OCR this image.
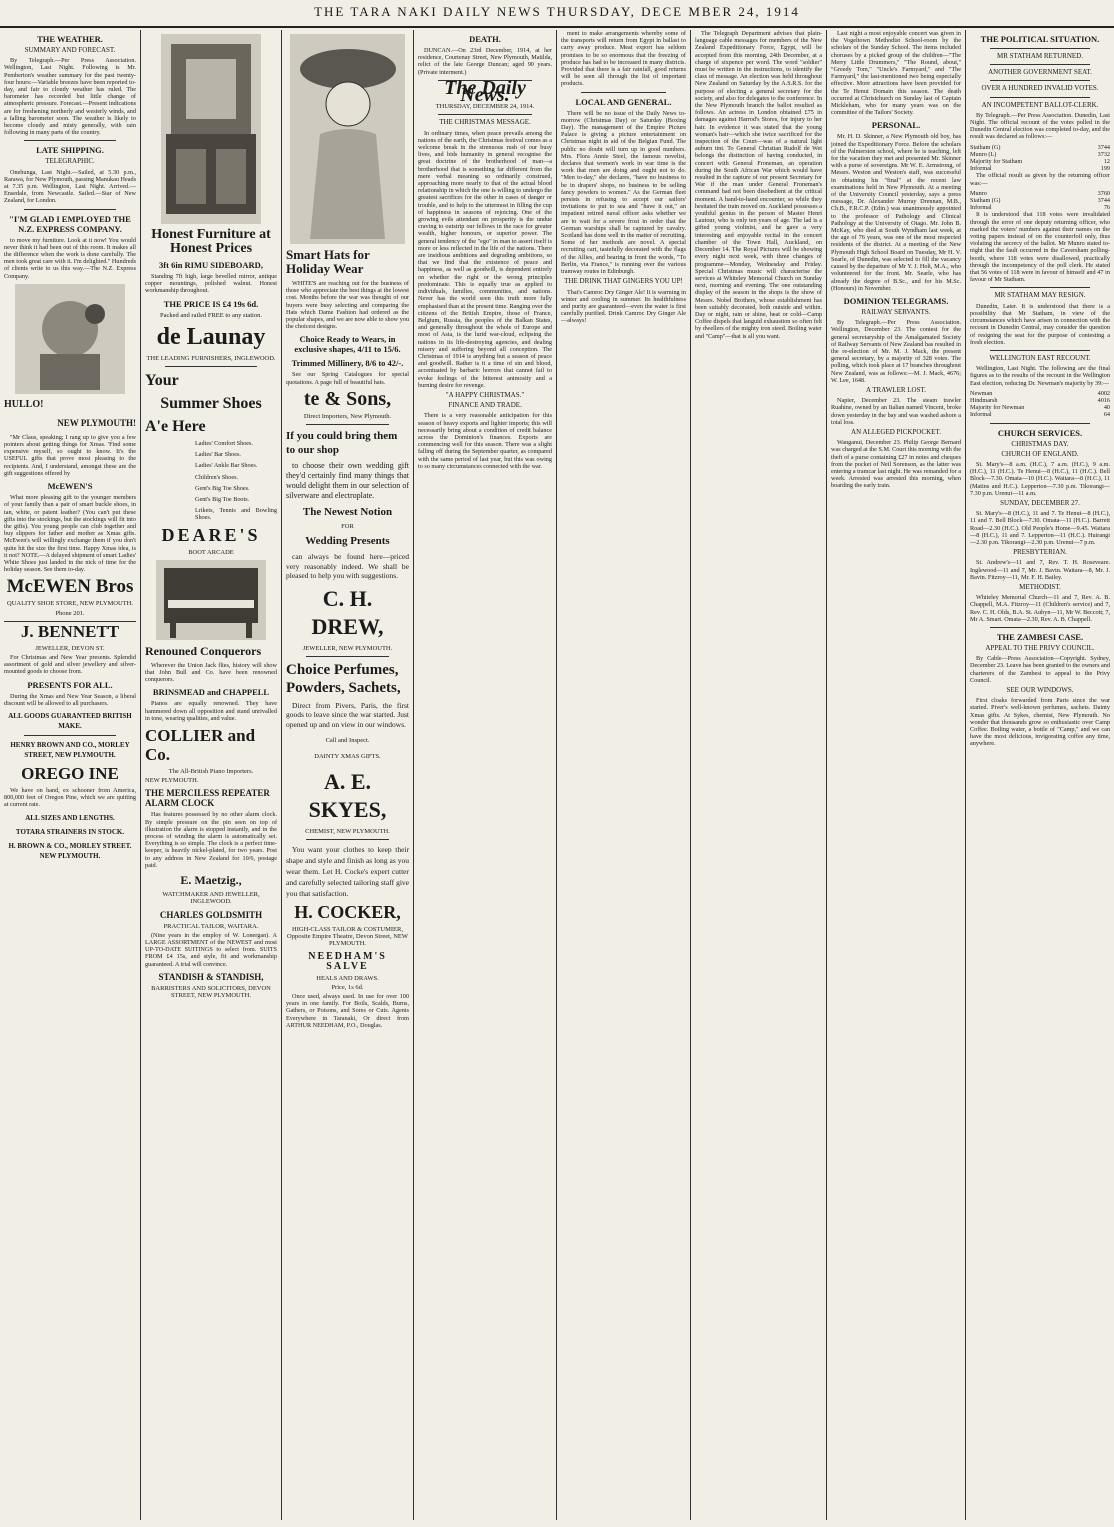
THE TARA NAKI DAILY NEWS THURSDAY, DECE MBER 24, 1914
THE WEATHER.
SUMMARY AND FORECAST.

By Telegraph.—Per Press Association. Wellington, Last Night. Following is Mr. Pemberton's weather summary for the past twenty-four hours:—Variable breezes have been reported to-day, and fair to cloudy weather has ruled. The barometer has recorded but little change of atmospheric pressure. Forecast.—Present indications are for freshening northerly and westerly winds, and a falling barometer soon. The weather is likely to become cloudy and misty generally, with rain following in many parts of the country.

LATE SHIPPING.
TELEGRAPHIC.

Onehunga, Last Night.—Sailed, at 5.30 p.m., Rarawa, for New Plymouth, passing Manukau Heads at 7.35 p.m. Wellington, Last Night. Arrived.—Ensedale, from Newcastle. Sailed.—Star of New Zealand, for London.

"I'M GLAD I EMPLOYED THE N.Z. EXPRESS COMPANY.

to move my furniture. Look at it now! You would never think it had been out of this room. It makes all the difference when the work is done carefully. The men took great care with it. I'm delighted." Hundreds of clients write to us this way.—The N.Z. Express Company.

HULLO!
NEW PLYMOUTH!

"Mr Claus, speaking; I rang up to give you a few pointers about getting things for Xmas. 'Find some expensive myself, so ought to know. It's the USEFUL gifts that prove most pleasing to the recipients. And, I understand, amongst these are the gift suggestions offered by

McEWEN'S

What more pleasing gift to the younger members of your family than a pair of smart buckle shoes, in tan, white, or patent leather? (You can't put these gifts into the stockings, but the stockings will fit into the gifts). You young people can club together and buy slippers for father and mother as Xmas gifts. McEwen's will willingly exchange them if you don't quite hit the size the first time. Happy Xmas idea, is it not? NOTE.—A delayed shipment of smart Ladies' White Shoes just landed in the nick of time for the holiday season. See them to-day.

McEWEN Bros
QUALITY SHOE STORE, NEW PLYMOUTH.
Phone 201.
J. BENNETT
JEWELLER, DEVON ST.

For Christmas and New Year presents. Splendid assortment of gold and silver jewellery and silver-mounted goods to choose from.

PRESENTS FOR ALL.

During the Xmas and New Year Season, a liberal discount will be allowed to all purchasers.

ALL GOODS GUARANTEED BRITISH MAKE.
HENRY BROWN AND CO., MORLEY STREET, NEW PLYMOUTH.
OREGO INE

We have on hand, ex schooner from America, 800,000 feet of Oregon Pine, which we are quitting at current rate.

ALL SIZES AND LENGTHS.
TOTARA STRAINERS IN STOCK.
H. BROWN & CO., MORLEY STREET. NEW PLYMOUTH.
Honest Furniture at Honest Prices
3ft 6in RIMU SIDEBOARD,

Standing 7ft high, large bevelled mirror, antique copper mountings, polished walnut. Honest workmanship throughout.

THE PRICE IS £4 19s 6d.
Packed and railed FREE to any station.
de Launay
THE LEADING FURNISHERS, INGLEWOOD.
Your
Summer Shoes
A'e Here
Ladies' Comfort Shoes.
Ladies' Bar Shoes.
Ladies' Ankle Bar Shoes.
Children's Shoes.
Gent's Big Toe Shoes.
Gent's Big Toe Boots.
Lrikets, Tennis and Bowling Shoes.
DEARE'S
BOOT ARCADE
Renouned Conquerors

Wherever the Union Jack flies, history will show that John Bull and Co. have been renowned conquerors.

BRINSMEAD and CHAPPELL

Pianos are equally renowned. They have hammered down all opposition and stand unrivalled in tone, wearing qualities, and value.

COLLIER and Co.
The All-British Piano Importers.
NEW PLYMOUTH.
THE MERCILESS REPEATER ALARM CLOCK

Has features possessed by no other alarm clock. By simple pressure on the pin seen on top of illustration the alarm is stopped instantly, and in the process of winding the alarm is automatically set. Everything is so simple. The clock is a perfect time-keeper, is heavily nickel-plated, for two years. Post to any address in New Zealand for 10/6, postage paid.

E. Maetzig.,
WATCHMAKER AND JEWELLER, INGLEWOOD.
CHARLES GOLDSMITH
PRACTICAL TAILOR, WAITARA.

(Nine years in the employ of W. Lonergan). A LARGE ASSORTMENT of the NEWEST and most UP-TO-DATE SUITINGS to select from. SUITS FROM £4 15s, and style, fit and workmanship guaranteed. A trial will convince.

STANDISH & STANDISH,
BARRISTERS AND SOLICITORS, DEVON STREET, NEW PLYMOUTH.
Smart Hats for Holiday Wear

WHITE'S are reaching out for the business of those who appreciate the best things at the lowest cost. Months before the war was thought of our buyers were busy selecting and comparing the Hats which Dame Fashion had ordered as the popular shapes, and we are now able to show you the choicest designs.

Choice Ready to Wears, in exclusive shapes, 4/11 to 15/6.
Trimmed Millinery, 8/6 to 42/-.

See our Spring Catalogues for special quotations. A page full of beautiful hats.

te & Sons,
Direct Importers, New Plymouth.
If you could bring them to our shop

to choose their own wedding gift they'd certainly find many things that would delight them in our selection of silverware and electroplate.

The Newest Notion
FOR
Wedding Presents

can always be found here—priced very reasonably indeed. We shall be pleased to help you with suggestions.

C. H. DREW,
JEWELLER, NEW PLYMOUTH.
Choice Perfumes, Powders, Sachets,

Direct from Pivers, Paris, the first goods to leave since the war started. Just opened up and on view in our windows.

Call and Inspect.
DAINTY XMAS GIFTS.
A. E. SKYES,
CHEMIST, NEW PLYMOUTH.

You want your clothes to keep their shape and style and finish as long as you wear them. Let H. Cocke's expert cutter and carefully selected tailoring staff give you that satisfaction.

H. COCKER,
HIGH-CLASS TAILOR & COSTUMIER, Opposite Empire Theatre, Devon Street, NEW PLYMOUTH.
NEEDHAM'S SALVE
HEALS AND DRAWS.
Price, 1s 6d.

Once used, always used. In use for over 100 years in one family. For Boils, Scalds, Burns, Gathers, or Poisons, and Sores or Cuts. Agents Everywhere in Taranaki, Or direct from ARTHUR NEEDHAM, P.O., Douglas.

DEATH.

DUNCAN.—On 23rd December, 1914, at her residence, Courtenay Street, New Plymouth, Matilda, relict of the late George Duncan; aged 90 years. (Private interment.)

The Daily News.
THURSDAY, DECEMBER 24, 1914.
THE CHRISTMAS MESSAGE.

In ordinary times, when peace prevails among the nations of the earth, the Christmas festival comes as a welcome break in the strenuous rush of our busy lives, and bids humanity in general recognise the great doctrine of the brotherhood of man—a brotherhood that is something far different from the mere verbal meaning so ordinarily construed, approaching more nearly to that of the actual blood relationship in which the one is willing to undergo the greatest sacrifices for the other in cases of danger or trouble, and to help to the uttermost in filling the cup of happiness in seasons of rejoicing. One of the growing evils attendant on prosperity is the undue craving to outstrip our fellows in the race for greater wealth, higher honours, or superior power. The general tendency of the "ego" in man to assert itself is more or less reflected in the life of the nations. There are insidious ambitions and degrading ambitions, so that we find that the existence of peace and happiness, as well as goodwill, is dependent entirely on whether the right or the wrong principles predominate. This is equally true as applied to individuals, families, communities, and nations. Never has the world seen this truth more fully emphasised than at the present time. Ranging over the citizens of the British Empire, those of France, Belgium, Russia, the peoples of the Balkan States, and generally throughout the whole of Europe and most of Asia, is the lurid war-cloud, eclipsing the nations in its life-destroying agencies, and dealing misery and suffering beyond all conception. The Christmas of 1914 is anything but a season of peace and goodwill. Rather is it a time of sin and blood, accentuated by barbaric horrors that cannot fail to evoke feelings of the bitterest animosity and a burning desire for revenge.

"A HAPPY CHRISTMAS."
FINANCE AND TRADE.

There is a very reasonable anticipation for this season of heavy exports and lighter imports; this will necessarily bring about a condition of credit balance across the Dominion's finances. Exports are commencing well for this season. There was a slight falling off during the September quarter, as compared with the same period of last year, but this was owing to so many circumstances connected with the war.

ment to make arrangements whereby some of the transports will return from Egypt in ballast to carry away produce. Meat export has seldom promises to be so enormous that the freezing of produce has had to be increased in many districts. Provided that there is a fair rainfall, good returns will be seen all through the list of important products.

LOCAL AND GENERAL.

There will be no issue of the Daily News to-morrow (Christmas Day) or Saturday (Boxing Day). The management of the Empire Picture Palace is giving a picture entertainment on Christmas night in aid of the Belgian Fund. The public no doubt will turn up in good numbers. Mrs. Flora Annie Steel, the famous novelist, declares that women's work in war time is the work that men are doing and ought not to do. "Men to-day," she declares, "have no business to be in drapers' shops, no business to be selling fancy powders to women." As the German fleet persists in refusing to accept our sailors' invitations to put to sea and "have it out," an impatient retired naval officer asks whether we are to wait for a severe frost in order that the German warships shall be captured by cavalry. Scotland has done well in the matter of recruiting. Some of her methods are novel. A special recruiting cart, tastefully decorated with the flags of the Allies, and bearing in front the words, "To Berlin, via France," is running over the various tramway routes in Edinburgh.

THE DRINK THAT GINGERS YOU UP!

That's Camroc Dry Ginger Ale! It is warming in winter and cooling in summer. Its healthfulness and purity are guaranteed—even the water is first carefully purified. Drink Camroc Dry Ginger Ale—always!

The Telegraph Department advises that plain-language cable messages for members of the New Zealand Expeditionary Force, Egypt, will be accepted from this morning, 24th December, at a charge of sixpence per word. The word "soldier" must be written in the instructions, to identify the class of message. An election was held throughout New Zealand on Saturday by the A.S.R.S. for the purpose of electing a general secretary for the society, and also for delegates to the conference. In the New Plymouth branch the ballot resulted as follows. An actress in London obtained £75 in damages against Harrod's Stores, for injury to her hair. In evidence it was stated that the young woman's hair—which she twice sacrificed for the inspection of the Court—was of a natural light auburn tint. To General Christian Rudolf de Wet belongs the distinction of having conducted, in concert with General Froneman, an operation during the South African War which would have resulted in the capture of our present Secretary for War if the man under General Froneman's command had not been disobedient at the critical moment. A hand-to-hand encounter, so while they hesitated the train moved on. Auckland possesses a youthful genius in the person of Master Henri Lautour, who is only ten years of age. The lad is a gifted young violinist, and he gave a very interesting and enjoyable recital in the concert chamber of the Town Hall, Auckland, on December 14. The Royal Pictures will be showing every night next week, with three changes of programme—Monday, Wednesday and Friday. Special Christmas music will characterise the services at Whiteley Memorial Church on Sunday next, morning and evening. The one outstanding display of the season in the shops is the show of Messrs. Nobel Brothers, whose establishment has been suitably decorated, both outside and within. Day or night, rain or shine, heat or cold—Camp Coffee dispels that languid exhaustion so often felt by dwellers of the mighty iron steed. Boiling water and "Camp"—that is all you want.

Last night a most enjoyable concert was given in the Vogeltown Methodist School-room by the scholars of the Sunday School. The items included choruses by a picked group of the children—"The Merry Little Drummers," "The Round, about," "Greedy Tom," "Uncle's Farmyard," and "The Farmyard," the last-mentioned two being especially effective. More attractions have been provided for the Te Henui Domain this season. The death occurred at Christchurch on Sunday last of Captain Mickleham, who for many years was on the committee of the Tailors' Society.

PERSONAL.

Mr. H. D. Skinner, a New Plymouth old boy, has joined the Expeditionary Force. Before the scholars of the Palmerston school, where he is teaching, left for the vacation they met and presented Mr. Skinner with a purse of sovereigns. Mr W. E. Armstrong, of Messrs. Weston and Weston's staff, was successful in obtaining his "final" at the recent law examinations held in New Plymouth. At a meeting of the University Council yesterday, says a press message, Dr. Alexander Murray Drennan, M.B., Ch.B., F.R.C.P. (Edin.) was unanimously appointed to the professor of Pathology and Clinical Pathology at the University of Otago. Mr. John B. McKay, who died at South Wyndham last week, at the age of 76 years, was one of the most respected residents of the district. At a meeting of the New Plymouth High School Board on Tuesday, Mr H. V. Searle, of Dunedin, was selected to fill the vacancy caused by the departure of Mr Y. J. Holt, M.A., who volunteered for the front. Mr. Searle, who has already the degree of B.Sc., and for his M.Sc. (Honours) in November.

DOMINION TELEGRAMS.
RAILWAY SERVANTS.

By Telegraph.—Per Press Association. Wellington, December 23. The contest for the general secretaryship of the Amalgamated Society of Railway Servants of New Zealand has resulted in the re-election of Mr. M. J. Mack, the present general secretary, by a majority of 328 votes. The polling, which took place at 17 branches throughout New Zealand, was as follows:—M. J. Mack, 4676; W. Lee, 1648.

A TRAWLER LOST.

Napier, December 23. The steam trawler Ruahine, owned by an Italian named Vincent, broke down yesterday in the bay and was washed ashore a total loss.

AN ALLEGED PICKPOCKET.

Wanganui, December 23. Philip George Bernard was charged at the S.M. Court this morning with the theft of a purse containing £27 in notes and cheques from the pocket of Neil Sorenson, as the latter was entering a tramcar last night. He was remanded for a week. Arrested was arrested this morning, when boarding the early train.

THE POLITICAL SITUATION.
MR STATHAM RETURNED.
ANOTHER GOVERNMENT SEAT.
OVER A HUNDRED INVALID VOTES.
AN INCOMPETENT BALLOT-CLERK.

By Telegraph.—Per Press Association. Dunedin, Last Night. The official recount of the votes polled in the Dunedin Central election was completed to-day, and the result was declared as follows:—

Statham (G)	3744
Munro (L)	3732
Majority for Statham	12
Informal	199

The official result as given by the returning officer was:—

Munro	3760
Statham (G)	3744
Informal	76

It is understood that 118 votes were invalidated through the error of one deputy returning officer, who marked the voters' numbers against their names on the voting papers instead of on the counterfoil only, thus violating the secrecy of the ballot. Mr Munro stated to-night that the fault occurred in the Caversham polling-booth, where 118 votes were disallowed, practically through the incompetency of the poll clerk. He stated that 56 votes of 118 were in favour of himself and 47 in favour of Mr Statham.

MR STATHAM MAY RESIGN.

Dunedin, Later. It is understood that there is a possibility that Mr Statham, in view of the circumstances which have arisen in connection with the recount in Dunedin Central, may consider the question of resigning the seat for the purpose of contesting a fresh election.

WELLINGTON EAST RECOUNT.

Wellington, Last Night. The following are the final figures as to the results of the recount in the Wellington East election, reducing Dr. Newman's majority by 39:—

Newman	4002
Hindmarsh	4016
Majority for Newman	40
Informal	64
CHURCH SERVICES.
CHRISTMAS DAY.
CHURCH OF ENGLAND.

St. Mary's—8 a.m. (H.C.), 7 a.m. (H.C.), 9 a.m. (H.C.), 11 (H.C.). Te Henui—8 (H.C.), 11 (H.C.). Bell Block—7.30. Omata—10 (H.C.). Waitara—8 (H.C.), 11 (Matins and H.C.). Lepperton—7.30 p.m. Tikorangi—7.30 p.m. Urenui—11 a.m.

SUNDAY, DECEMBER 27.

St. Mary's—8 (H.C.), 11 and 7. Te Henui—8 (H.C.), 11 and 7. Bell Block—7.30. Omata—11 (H.C.). Barrett Road—2.30 (H.C.). Old People's Home—9.45. Waitara—8 (H.C.), 11 and 7. Lepperton—11 (H.C.). Huirangi—2.30 p.m. Tikorangi—2.30 p.m. Urenui—7 p.m.

PRESBYTERIAN.

St. Andrew's—11 and 7, Rev. T. H. Roseveare. Inglewood—11 and 7, Mr. J. Bavin. Waitara—8, Mr. J. Bavin. Fitzroy—11, Mr. F. H. Bailey.

METHODIST.

Whiteley Memorial Church—11 and 7, Rev. A. B. Chappell, M.A. Fitzroy—11 (Children's service) and 7, Rev. C. H. Olds, B.A. St. Aubyn—11, Mr W. Beccott; 7, Mr A. Smart. Omata—2.30, Rev. A. B. Chappell.

THE ZAMBESI CASE.
APPEAL TO THE PRIVY COUNCIL.

By Cable—Press Association—Copyright. Sydney, December 23. Leave has been granted to the owners and charterers of the Zambesi to appeal to the Privy Council.

SEE OUR WINDOWS.

First cloaks forwarded from Paris since the war started. Piver's well-known perfumes, sachets. Dainty Xmas gifts. At Sykes, chemist, New Plymouth. No wonder that thousands grow so enthusiastic over Camp Coffee. Boiling water, a bottle of "Camp," and we can have the most delicious, invigorating coffee any time, anywhere.
